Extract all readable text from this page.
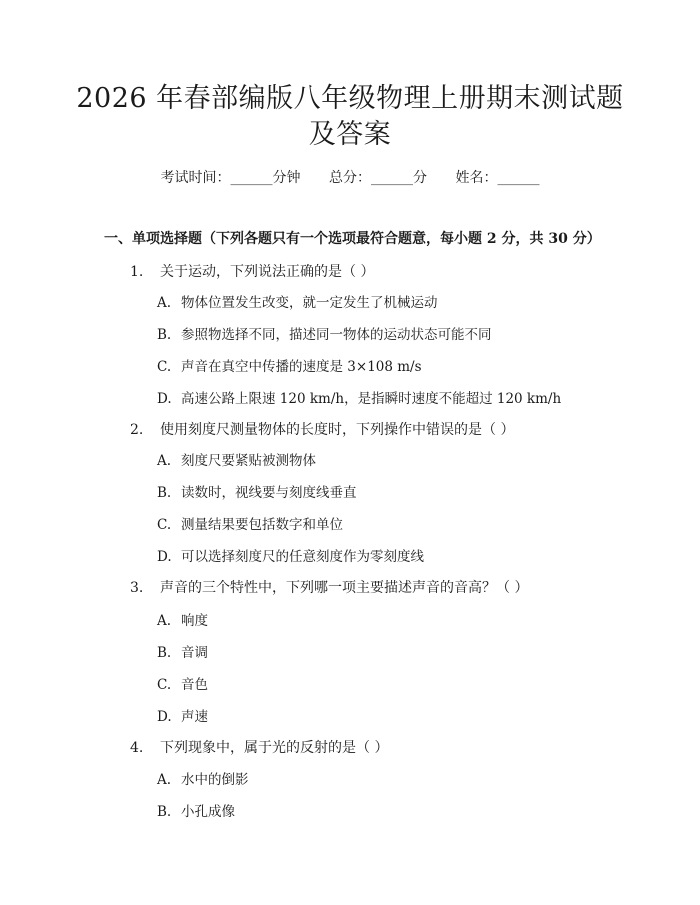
2026 年春部编版八年级物理上册期末测试题
及答案
考试时间：______分钟 总分：______分 姓名：______
一、单项选择题（下列各题只有一个选项最符合题意，每小题 2 分，共 30 分）
1. 关于运动，下列说法正确的是（ ）
A. 物体位置发生改变，就一定发生了机械运动
B. 参照物选择不同，描述同一物体的运动状态可能不同
C. 声音在真空中传播的速度是 3×108 m/s
D. 高速公路上限速 120 km/h，是指瞬时速度不能超过 120 km/h
2. 使用刻度尺测量物体的长度时，下列操作中错误的是（ ）
A. 刻度尺要紧贴被测物体
B. 读数时，视线要与刻度线垂直
C. 测量结果要包括数字和单位
D. 可以选择刻度尺的任意刻度作为零刻度线
3. 声音的三个特性中，下列哪一项主要描述声音的音高？（ ）
A. 响度
B. 音调
C. 音色
D. 声速
4. 下列现象中，属于光的反射的是（ ）
A. 水中的倒影
B. 小孔成像
